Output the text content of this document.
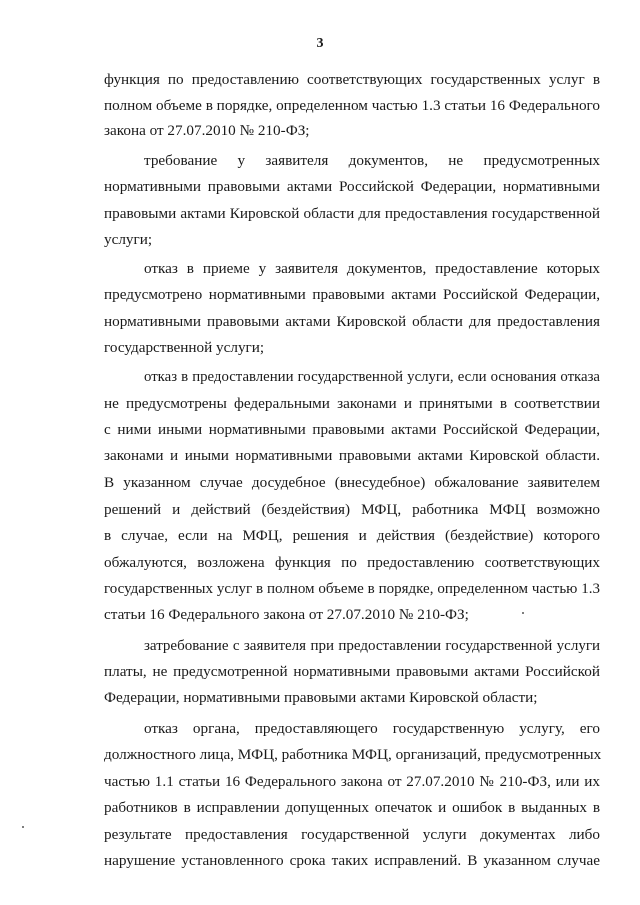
3
функция по предоставлению соответствующих государственных услуг в
полном объеме в порядке, определенном частью 1.3 статьи 16 Федерального
закона от 27.07.2010 № 210-ФЗ;
требование у заявителя документов, не предусмотренных
нормативными правовыми актами Российской Федерации, нормативными
правовыми актами Кировской области для предоставления государственной
услуги;
отказ в приеме у заявителя документов, предоставление которых
предусмотрено нормативными правовыми актами Российской Федерации,
нормативными правовыми актами Кировской области для предоставления
государственной услуги;
отказ в предоставлении государственной услуги, если основания отказа
не предусмотрены федеральными законами и принятыми в соответствии
с ними иными нормативными правовыми актами Российской Федерации,
законами и иными нормативными правовыми актами Кировской области.
В указанном случае досудебное (внесудебное) обжалование заявителем
решений и действий (бездействия) МФЦ, работника МФЦ возможно
в случае, если на МФЦ, решения и действия (бездействие) которого
обжалуются, возложена функция по предоставлению соответствующих
государственных услуг в полном объеме в порядке, определенном частью 1.3
статьи 16 Федерального закона от 27.07.2010 № 210-ФЗ;
затребование с заявителя при предоставлении государственной услуги
платы, не предусмотренной нормативными правовыми актами Российской
Федерации, нормативными правовыми актами Кировской области;
отказ органа, предоставляющего государственную услугу, его
должностного лица, МФЦ, работника МФЦ, организаций, предусмотренных
частью 1.1 статьи 16 Федерального закона от 27.07.2010 № 210-ФЗ, или их
работников в исправлении допущенных опечаток и ошибок в выданных в
результате предоставления государственной услуги документах либо
нарушение установленного срока таких исправлений. В указанном случае
